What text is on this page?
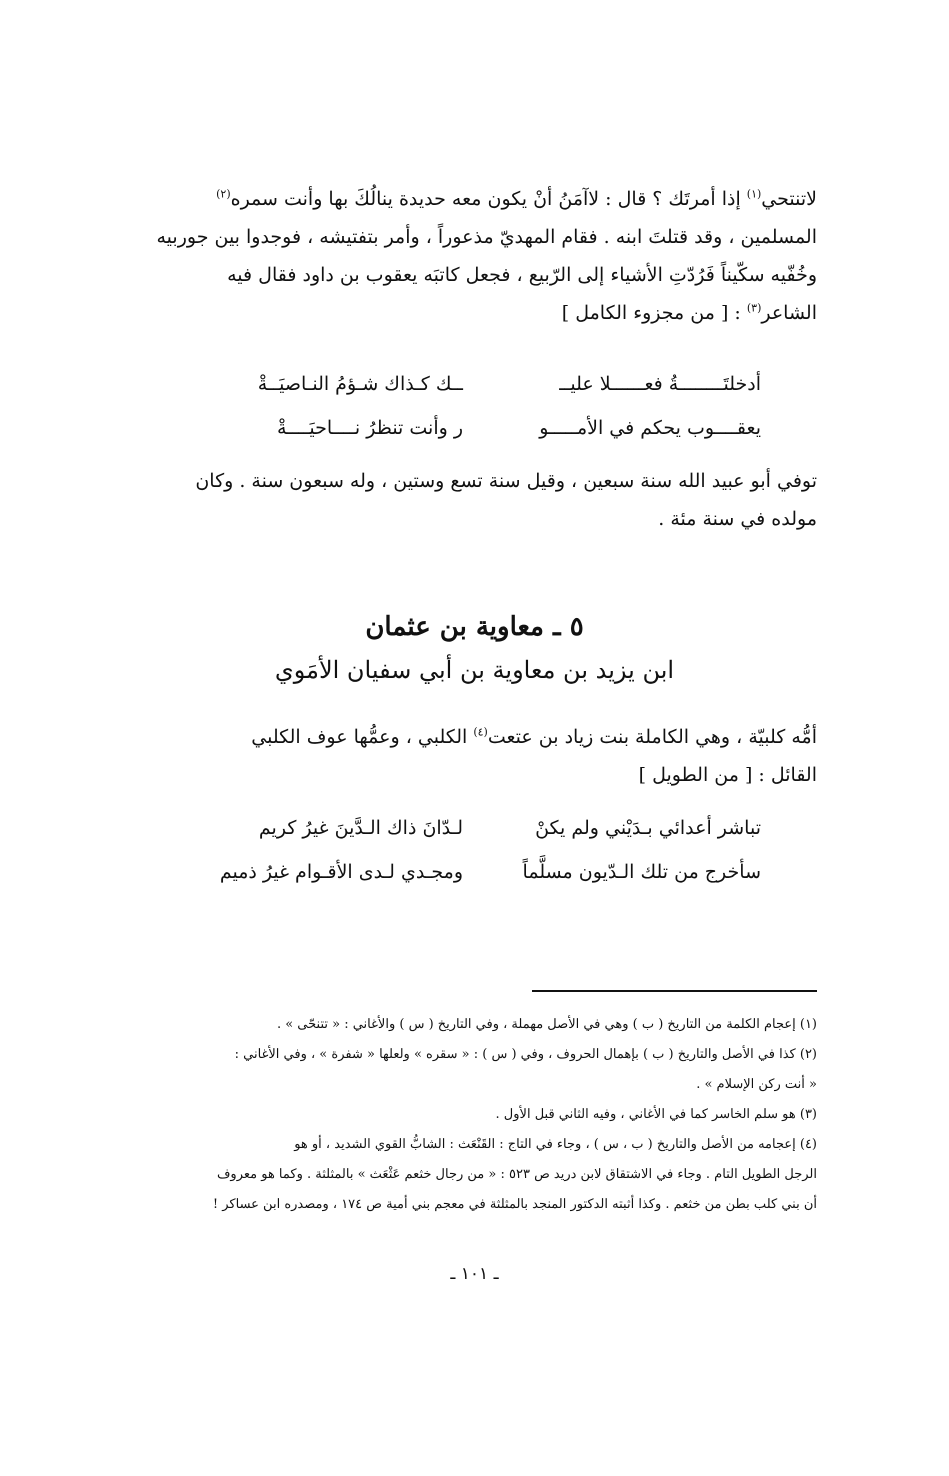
لاتنتحي$^{(١)}$ إذا أمرتَك ؟ قال : لاآمَنُ أنْ يكون معه حديدة ينالُكَ بها وأنت سمره$^{(٢)}$

المسلمين ، وقد قتلتَ ابنه . فقام المهديّ مذعوراً ، وأمر بتفتيشه ، فوجدوا بين جوربيه

وخُفّيه سكّيناً فَرُدّتِ الأشياء إلى الرّبيع ، فجعل كاتبَه يعقوب بن داود فقال فيه

الشاعر$^{(٣)}$ : [ من مجزوء الكامل ]

أدخلتَــــــــةُ فعــــــلا عليــ
ــك كـذاك شـؤمُ النـاصيَــةْ
يعقــــوب يحكم في الأمـــــو
ر وأنت تنظرُ نــــاحيَــــةْ

توفي أبو عبيد الله سنة سبعين ، وقيل سنة تسع وستين ، وله سبعون سنة . وكان

مولده في سنة مئة .

٥ ـ معاوية بن عثمان
ابن يزيد بن معاوية بن أبي سفيان الأمَوي

أمُّه كلبيّة ، وهي الكاملة بنت زياد بن عتعت$^{(٤)}$ الكلبي ، وعمُّها عوف الكلبي

القائل : [ من الطويل ]

تباشر أعدائي بـدَيْني ولم يكنْ
لـدّانَ ذاك الـدَّينَ غيرُ كريم
سأخرج من تلك الـدّيون مسلَّماً
ومجـدي لـدى الأقـوام غيرُ ذميم

(١) إعجام الكلمة من التاريخ ( ب ) وهي في الأصل مهملة ، وفي التاريخ ( س ) والأغاني : « تتنحّى » .

(٢) كذا في الأصل والتاريخ ( ب ) بإهمال الحروف ، وفي ( س ) : « سقره » ولعلها « شفرة » ، وفي الأغاني :

« أنت ركن الإسلام » .

(٣) هو سلم الخاسر كما في الأغاني ، وفيه الثاني قبل الأول .

(٤) إعجامه من الأصل والتاريخ ( ب ، س ) ، وجاء في التاج : القَنْعَث : الشابُّ القوي الشديد ، أو هو

الرجل الطويل التام . وجاء في الاشتقاق لابن دريد ص ٥٢٣ : « من رجال خثعم عَثْعَث » بالمثلثة . وكما هو معروف

أن بني كلب بطن من خثعم . وكذا أثبته الدكتور المنجد بالمثلثة في معجم بني أمية ص ١٧٤ ، ومصدره ابن عساكر !

ـ ١٠١ ـ
